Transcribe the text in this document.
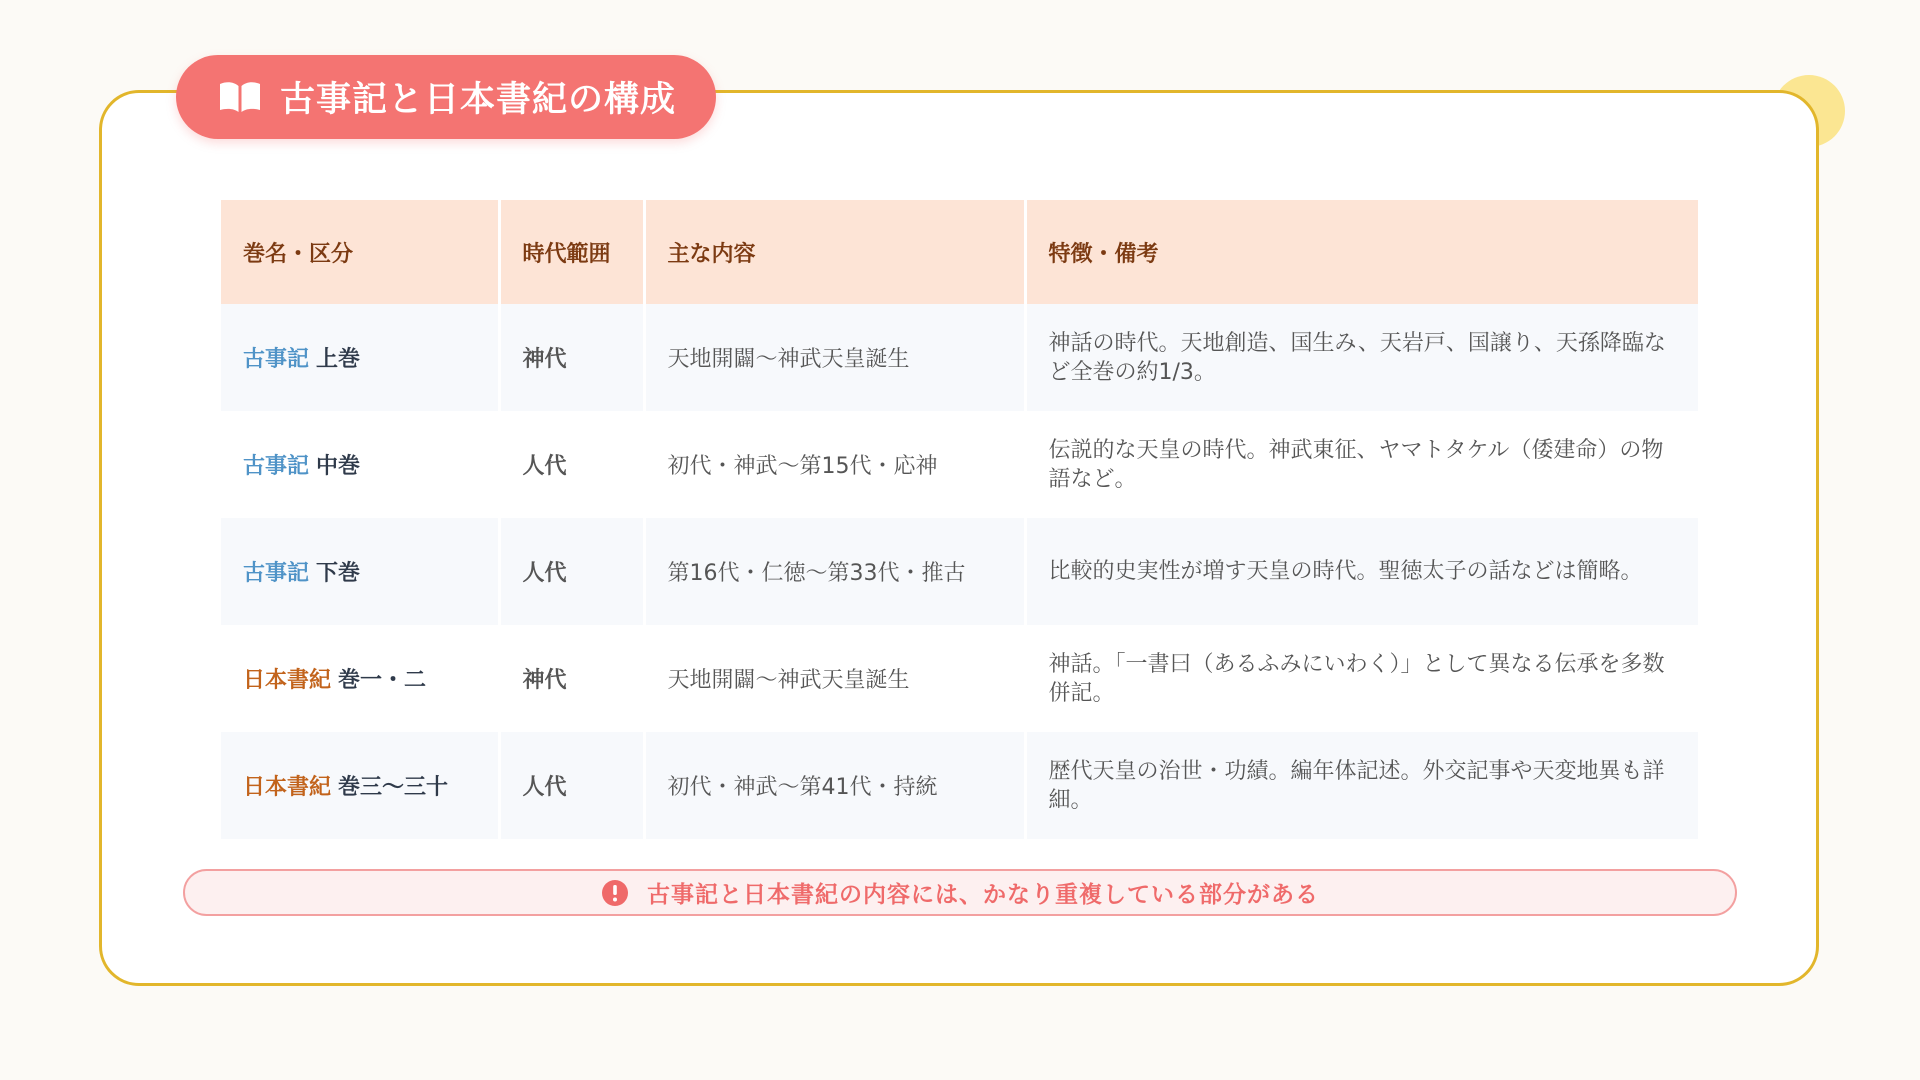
古事記と日本書紀の構成
巻名・区分	時代範囲	主な内容	特徴・備考
古事記 上巻	神代	天地開闢〜神武天皇誕生	神話の時代。天地創造、国生み、天岩戸、国譲り、天孫降臨など全巻の約1/3。
古事記 中巻	人代	初代・神武〜第15代・応神	伝説的な天皇の時代。神武東征、ヤマトタケル（倭建命）の物語など。
古事記 下巻	人代	第16代・仁徳〜第33代・推古	比較的史実性が増す天皇の時代。聖徳太子の話などは簡略。
日本書紀 巻一・二	神代	天地開闢〜神武天皇誕生	神話。「一書曰（あるふみにいわく）」として異なる伝承を多数併記。
日本書紀 巻三〜三十	人代	初代・神武〜第41代・持統	歴代天皇の治世・功績。編年体記述。外交記事や天変地異も詳細。
古事記と日本書紀の内容には、かなり重複している部分がある
